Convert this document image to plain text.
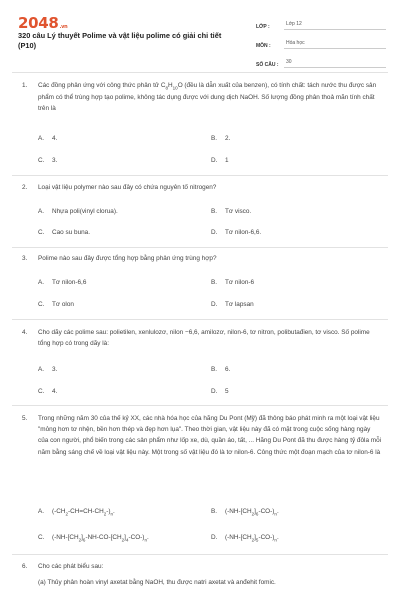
2048.vn
320 câu Lý thuyết Polime và vật liệu polime có giải chi tiết (P10)
LỚP :	Lớp 12
MÔN :	Hóa học
SỐ CÂU :	30
1. Các đồng phân ứng với công thức phân tử $C_8H_{10}O$ (đều là dẫn xuất của benzen), có tính chất: tách nước thu được sản phẩm có thể trùng hợp tạo polime, không tác dụng được với dung dịch NaOH. Số lượng đồng phân thoả mãn tính chất trên là
A. 4.	B. 2.
C. 3.	D. 1
2. Loại vật liệu polymer nào sau đây có chứa nguyên tố nitrogen?
A. Nhựa poli(vinyl clorua).	B. Tơ visco.
C. Cao su buna.	D. Tơ nilon-6,6.
3. Polime nào sau đây được tổng hợp bằng phản ứng trùng hợp?
A. Tơ nilon-6,6	B. Tơ nilon-6
C. Tơ olon	D. Tơ lapsan
4. Cho dãy các polime sau: polietilen, xenlulozơ, nilon −6,6, amilozơ, nilon-6, tơ nitron, polibutađien, tơ visco. Số polime tổng hợp có trong dãy là:
A. 3.	B. 6.
C. 4.	D. 5
5. Trong những năm 30 của thế kỷ XX, các nhà hóa học của hãng Du Pont (Mỹ) đã thông báo phát minh ra một loại vật liệu "mỏng hơn tơ nhện, bền hơn thép và đẹp hơn lụa". Theo thời gian, vật liệu này đã có mặt trong cuộc sống hàng ngày của con người, phổ biến trong các sản phẩm như lốp xe, dù, quần áo, tất, ... Hãng Du Pont đã thu được hàng tỷ đôla mỗi năm bằng sáng chế về loại vật liệu này. Một trong số vật liệu đó là tơ nilon-6. Công thức một đoạn mạch của tơ nilon-6 là
A. $(-CH_2-CH=CH-CH_2-)_n$.	B. $(-NH-[CH_2]_6-CO-)_n$.
C. $(-NH-[CH_2]_6-NH-CO-[CH_2]_4-CO-)_n$.	D. $(-NH-[CH_2]_5-CO-)_n$.
6. Cho các phát biểu sau:
(a) Thủy phân hoàn vinyl axetat bằng NaOH, thu được natri axetat và anđehit fomic.
